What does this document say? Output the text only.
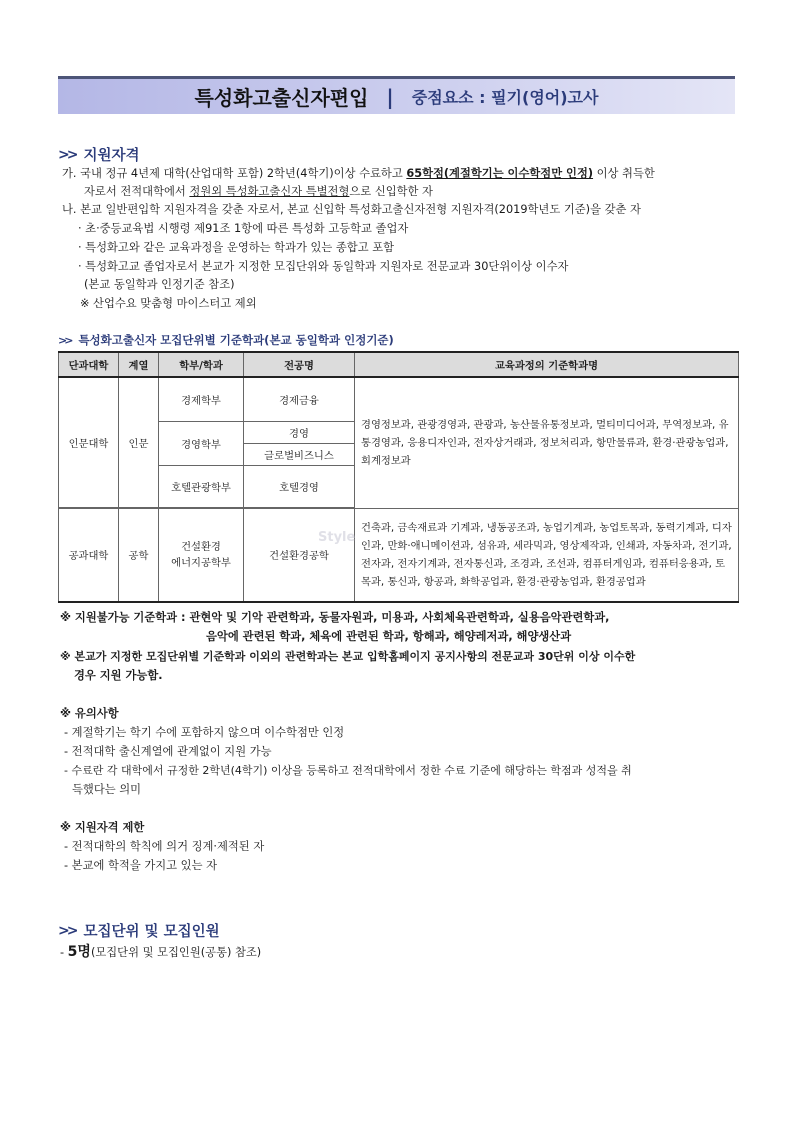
특성화고출신자편입 | 중점요소 : 필기(영어)고사
>> 지원자격
가. 국내 정규 4년제 대학(산업대학 포함) 2학년(4학기)이상 수료하고 65학점(계절학기는 이수학점만 인정) 이상 취득한
자로서 전적대학에서 정원외 특성화고출신자 특별전형으로 신입학한 자
나. 본교 일반편입학 지원자격을 갖춘 자로서, 본교 신입학 특성화고출신자전형 지원자격(2019학년도 기준)을 갖춘 자
· 초·중등교육법 시행령 제91조 1항에 따른 특성화 고등학교 졸업자
· 특성화고와 같은 교육과정을 운영하는 학과가 있는 종합고 포함
· 특성화고교 졸업자로서 본교가 지정한 모집단위와 동일학과 지원자로 전문교과 30단위이상 이수자
(본교 동일학과 인정기준 참조)
※ 산업수요 맞춤형 마이스터고 제외
>> 특성화고출신자 모집단위별 기준학과(본교 동일학과 인정기준)
단과대학	계열	학부/학과	전공명	교육과정의 기준학과명
인문대학	인문	경제학부	경제금융	경영정보과, 관광경영과, 관광과, 농산물유통정보과, 멀티미디어과, 무역정보과, 유통경영과, 응용디자인과, 전자상거래과, 정보처리과, 항만물류과, 환경·관광농업과, 회계정보과
		경영학부	경영	
			글로벌비즈니스	
		호텔관광학부	호텔경영	

공과대학	공학	건설환경
에너지공학부	건설환경공학	건축과, 금속재료과 기계과, 냉동공조과, 농업기계과, 농업토목과, 동력기계과, 디자인과, 만화·애니메이션과, 섬유과, 세라믹과, 영상제작과, 인쇄과, 자동차과, 전기과, 전자과, 전자기계과, 전자통신과, 조경과, 조선과, 컴퓨터게임과, 컴퓨터응용과, 토목과, 통신과, 항공과, 화학공업과, 환경·관광농업과, 환경공업과
Style
※ 지원불가능 기준학과 : 관현악 및 기악 관련학과, 동물자원과, 미용과, 사회체육관련학과, 실용음악관련학과,
음악에 관련된 학과, 체육에 관련된 학과, 항해과, 해양레저과, 해양생산과
※ 본교가 지정한 모집단위별 기준학과 이외의 관련학과는 본교 입학홈페이지 공지사항의 전문교과 30단위 이상 이수한
경우 지원 가능함.
※ 유의사항
- 계절학기는 학기 수에 포함하지 않으며 이수학점만 인정
- 전적대학 출신계열에 관계없이 지원 가능
- 수료란 각 대학에서 규정한 2학년(4학기) 이상을 등록하고 전적대학에서 정한 수료 기준에 해당하는 학점과 성적을 취
득했다는 의미
※ 지원자격 제한
- 전적대학의 학칙에 의거 징계·제적된 자
- 본교에 학적을 가지고 있는 자
>> 모집단위 및 모집인원
- 5명(모집단위 및 모집인원(공통) 참조)
